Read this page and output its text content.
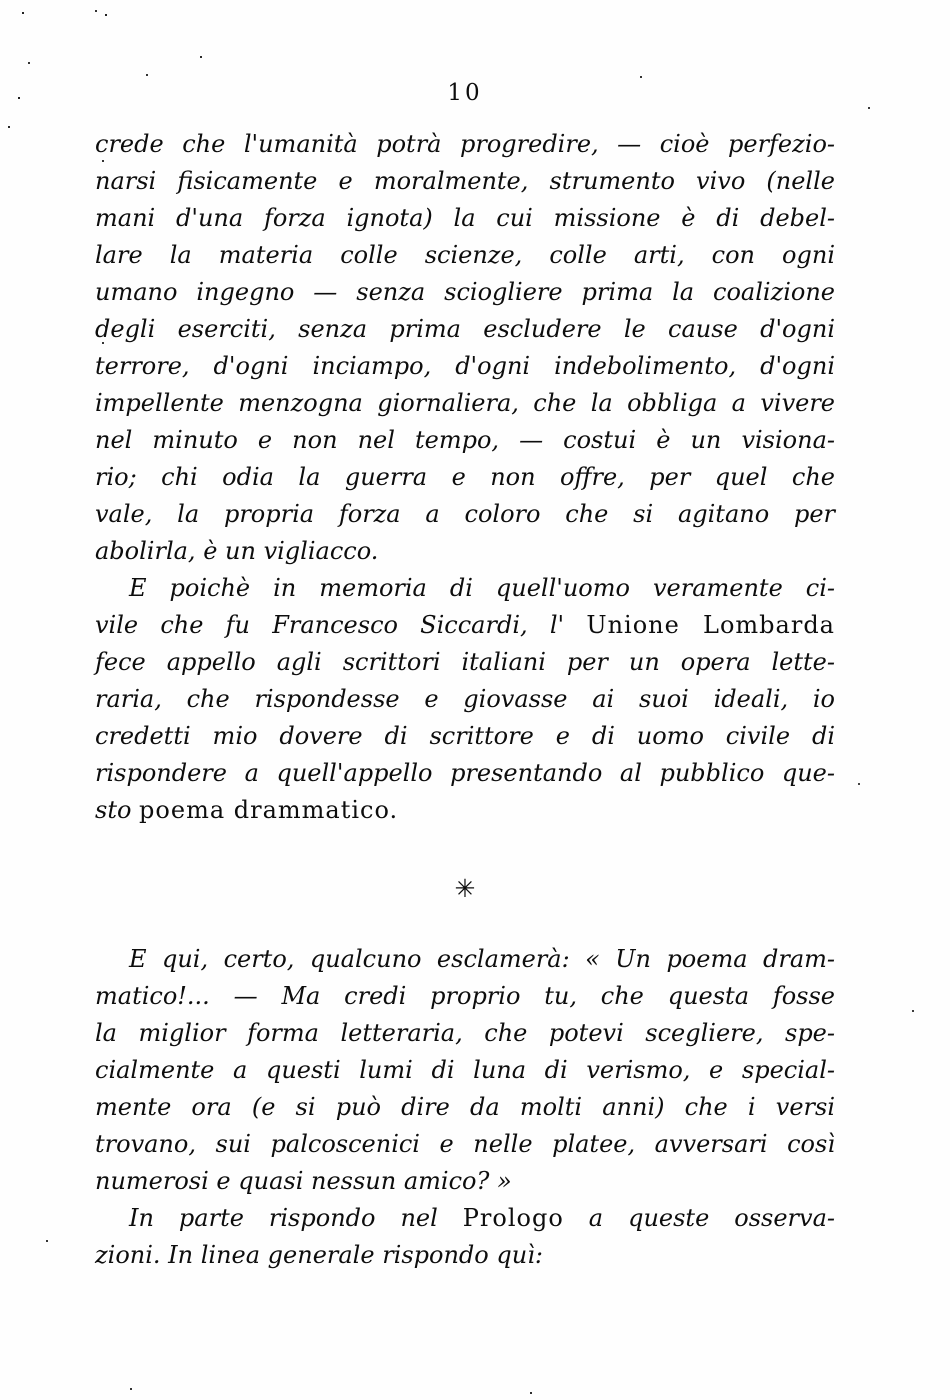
10
crede che l'umanità potrà progredire, — cioè perfezio-
narsi fisicamente e moralmente, strumento vivo (nelle
mani d'una forza ignota) la cui missione è di debel-
lare la materia colle scienze, colle arti, con ogni
umano ingegno — senza sciogliere prima la coalizione
degli eserciti, senza prima escludere le cause d'ogni
terrore, d'ogni inciampo, d'ogni indebolimento, d'ogni
impellente menzogna giornaliera, che la obbliga a vivere
nel minuto e non nel tempo, — costui è un visiona-
rio; chi odia la guerra e non offre, per quel che
vale, la propria forza a coloro che si agitano per
abolirla, è un vigliacco.
E poichè in memoria di quell'uomo veramente ci-
vile che fu Francesco Siccardi, l' Unione Lombarda
fece appello agli scrittori italiani per un opera lette-
raria, che rispondesse e giovasse ai suoi ideali, io
credetti mio dovere di scrittore e di uomo civile di
rispondere a quell'appello presentando al pubblico que-
sto poema drammatico.
✳
E qui, certo, qualcuno esclamerà: « Un poema dram-
matico!... — Ma credi proprio tu, che questa fosse
la miglior forma letteraria, che potevi scegliere, spe-
cialmente a questi lumi di luna di verismo, e special-
mente ora (e si può dire da molti anni) che i versi
trovano, sui palcoscenici e nelle platee, avversari così
numerosi e quasi nessun amico? »
In parte rispondo nel Prologo a queste osserva-
zioni. In linea generale rispondo quì:
